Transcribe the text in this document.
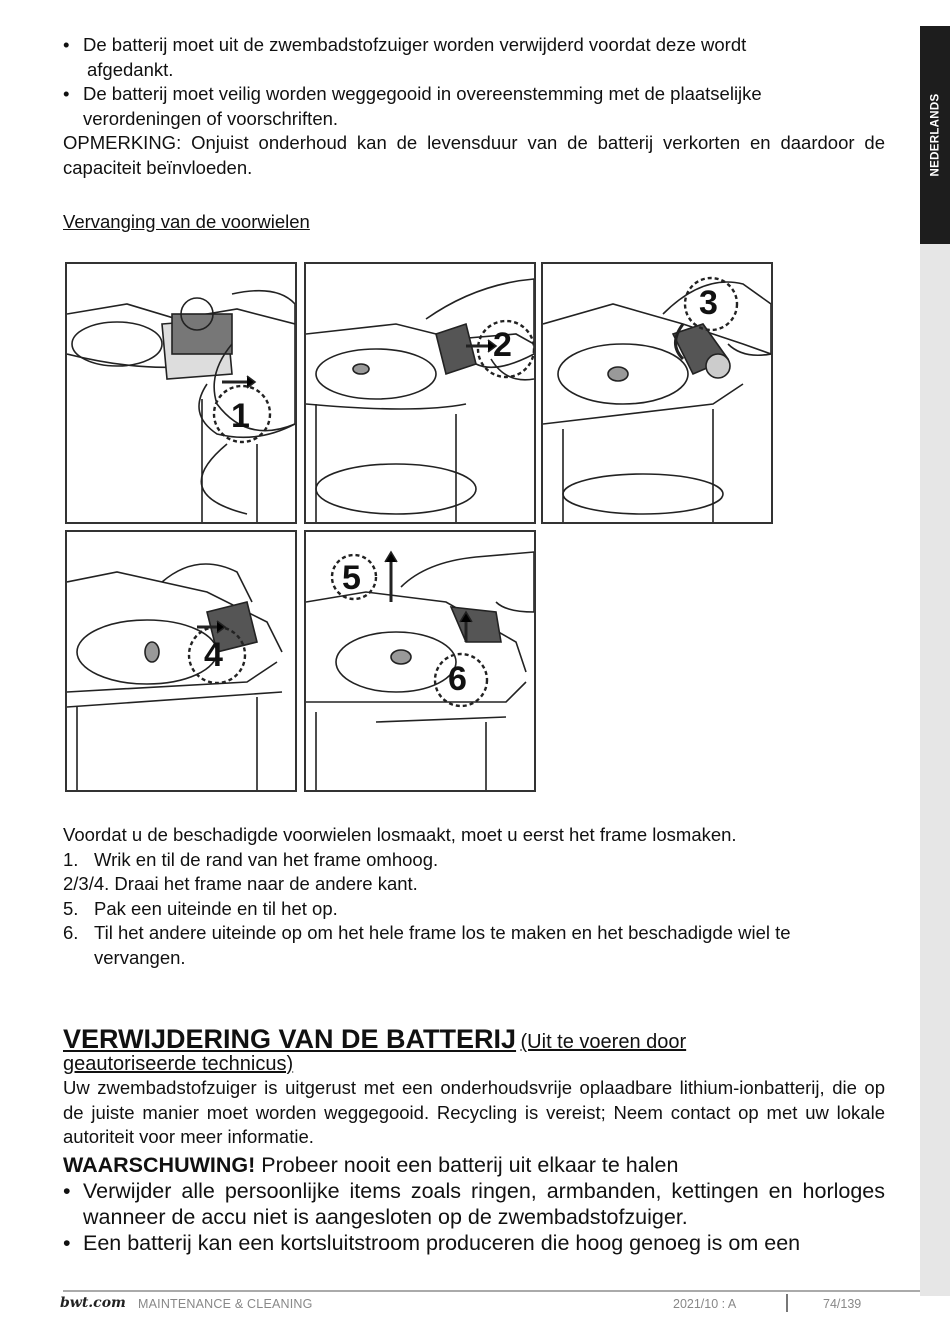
NEDERLANDS
• De batterij moet uit de zwembadstofzuiger worden verwijderd voordat deze wordt
afgedankt.
• De batterij moet veilig worden weggegooid in overeenstemming met de plaatselijke
verordeningen of voorschriften.
OPMERKING: Onjuist onderhoud kan de levensduur van de batterij verkorten en daardoor de capaciteit beïnvloeden.
Vervanging van de voorwielen
1
2
3
4
5
6
Voordat u de beschadigde voorwielen losmaakt, moet u eerst het frame losmaken.
1. Wrik en til de rand van het frame omhoog.
2/3/4. Draai het frame naar de andere kant.
5. Pak een uiteinde en til het op.
6. Til het andere uiteinde op om het hele frame los te maken en het beschadigde wiel te vervangen.
VERWIJDERING VAN DE BATTERIJ (Uit te voeren door
geautoriseerde technicus)
Uw zwembadstofzuiger is uitgerust met een onderhoudsvrije oplaadbare lithium-ionbatterij, die op de juiste manier moet worden weggegooid. Recycling is vereist; Neem contact op met uw lokale autoriteit voor meer informatie.
WAARSCHUWING! Probeer nooit een batterij uit elkaar te halen
• Verwijder alle persoonlijke items zoals ringen, armbanden, kettingen en horloges wanneer de accu niet is aangesloten op de zwembadstofzuiger.
• Een batterij kan een kortsluitstroom produceren die hoog genoeg is om een
bwt.com MAINTENANCE & CLEANING	2021/10 : A	74/139
